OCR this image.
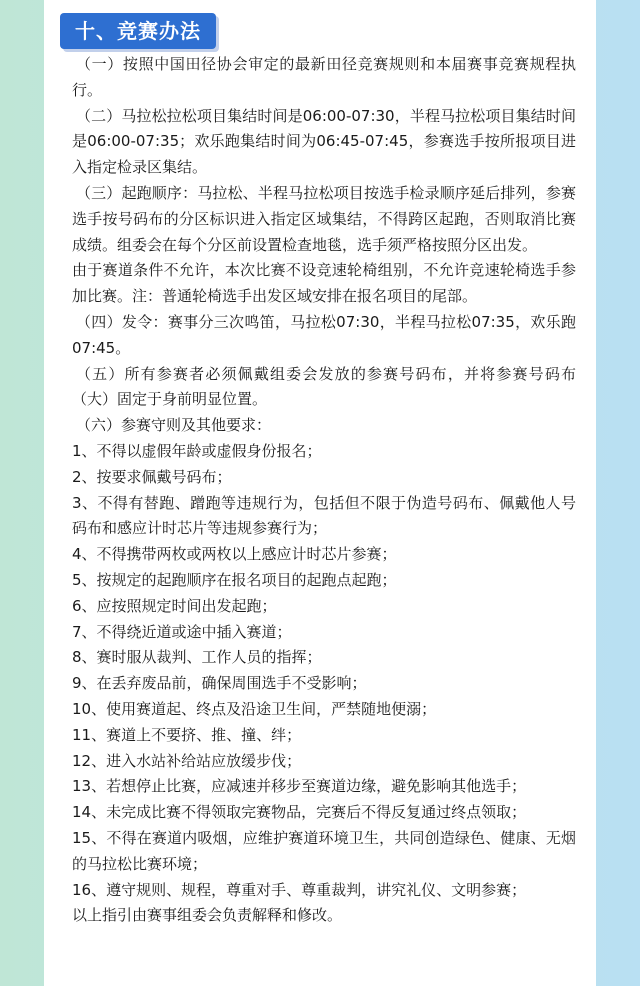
十、竞赛办法

（一）按照中国田径协会审定的最新田径竞赛规则和本届赛事竞赛规程执行。

（二）马拉松拉松项目集结时间是06:00-07:30，半程马拉松项目集结时间是06:00-07:35；欢乐跑集结时间为06:45-07:45，参赛选手按所报项目进入指定检录区集结。

（三）起跑顺序：马拉松、半程马拉松项目按选手检录顺序延后排列，参赛选手按号码布的分区标识进入指定区域集结，不得跨区起跑，否则取消比赛成绩。组委会在每个分区前设置检查地毯，选手须严格按照分区出发。

由于赛道条件不允许，本次比赛不设竞速轮椅组别，不允许竞速轮椅选手参加比赛。注：普通轮椅选手出发区域安排在报名项目的尾部。

（四）发令：赛事分三次鸣笛，马拉松07:30，半程马拉松07:35，欢乐跑07:45。

（五）所有参赛者必须佩戴组委会发放的参赛号码布，并将参赛号码布（大）固定于身前明显位置。

（六）参赛守则及其他要求：

1、不得以虚假年龄或虚假身份报名；

2、按要求佩戴号码布；

3、不得有替跑、蹭跑等违规行为，包括但不限于伪造号码布、佩戴他人号码布和感应计时芯片等违规参赛行为；

4、不得携带两枚或两枚以上感应计时芯片参赛；

5、按规定的起跑顺序在报名项目的起跑点起跑；

6、应按照规定时间出发起跑；

7、不得绕近道或途中插入赛道；

8、赛时服从裁判、工作人员的指挥；

9、在丢弃废品前，确保周围选手不受影响；

10、使用赛道起、终点及沿途卫生间，严禁随地便溺；

11、赛道上不要挤、推、撞、绊；

12、进入水站补给站应放缓步伐；

13、若想停止比赛，应减速并移步至赛道边缘，避免影响其他选手；

14、未完成比赛不得领取完赛物品，完赛后不得反复通过终点领取；

15、不得在赛道内吸烟，应维护赛道环境卫生，共同创造绿色、健康、无烟的马拉松比赛环境；

16、遵守规则、规程，尊重对手、尊重裁判，讲究礼仪、文明参赛；

以上指引由赛事组委会负责解释和修改。
